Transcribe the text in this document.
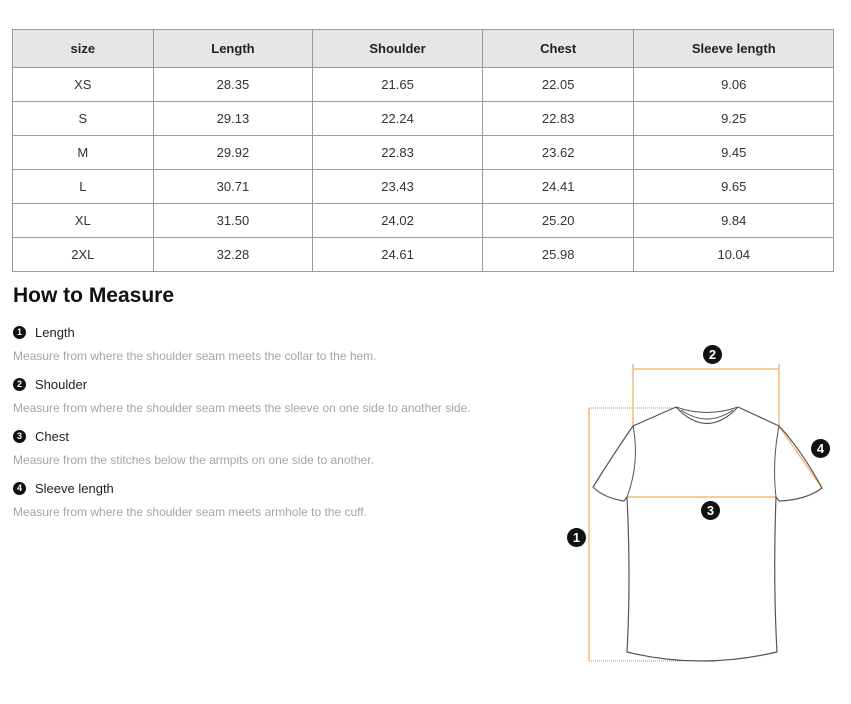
size	Length	Shoulder	Chest	Sleeve length
XS	28.35	21.65	22.05	9.06
S	29.13	22.24	22.83	9.25
M	29.92	22.83	23.62	9.45
L	30.71	23.43	24.41	9.65
XL	31.50	24.02	25.20	9.84
2XL	32.28	24.61	25.98	10.04
How to Measure
1	Length
Measure from where the shoulder seam meets the collar to the hem.
2	Shoulder
Measure from where the shoulder seam meets the sleeve on one side to another side.
3	Chest
Measure from the stitches below the armpits on one side to another.
4	Sleeve length
Measure from where the shoulder seam meets armhole to the cuff.
2
4
3
1
